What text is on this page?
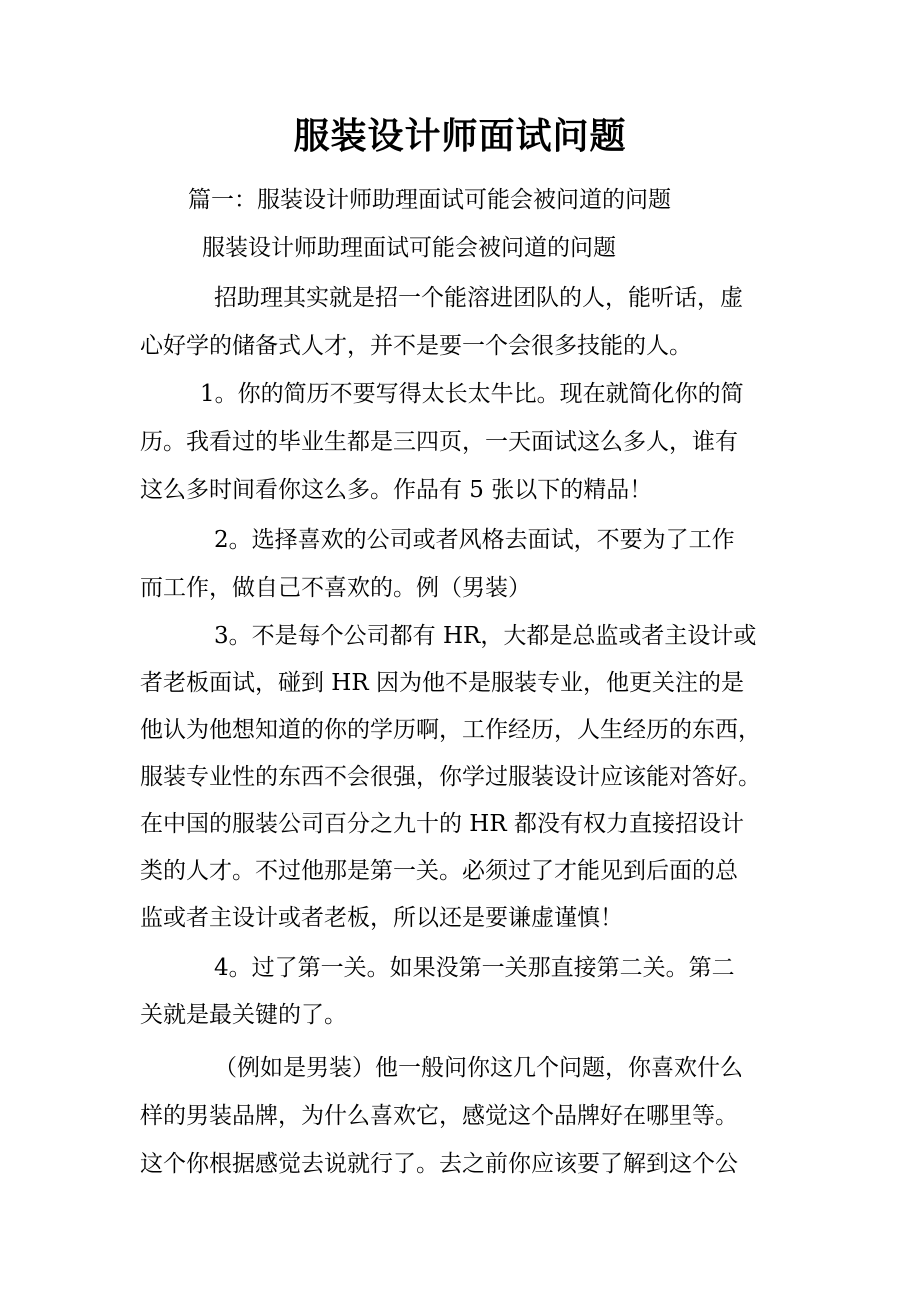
服装设计师面试问题

篇一：服装设计师助理面试可能会被问道的问题

服装设计师助理面试可能会被问道的问题

招助理其实就是招一个能溶进团队的人，能听话，虚

心好学的储备式人才，并不是要一个会很多技能的人。

1。你的简历不要写得太长太牛比。现在就简化你的简

历。我看过的毕业生都是三四页，一天面试这么多人，谁有

这么多时间看你这么多。作品有 5 张以下的精品！

2。选择喜欢的公司或者风格去面试，不要为了工作

而工作，做自己不喜欢的。例（男装）

3。不是每个公司都有 HR，大都是总监或者主设计或

者老板面试，碰到 HR 因为他不是服装专业，他更关注的是

他认为他想知道的你的学历啊，工作经历，人生经历的东西，

服装专业性的东西不会很强，你学过服装设计应该能对答好。

在中国的服装公司百分之九十的 HR 都没有权力直接招设计

类的人才。不过他那是第一关。必须过了才能见到后面的总

监或者主设计或者老板，所以还是要谦虚谨慎！

4。过了第一关。如果没第一关那直接第二关。第二

关就是最关键的了。

（例如是男装）他一般问你这几个问题，你喜欢什么

样的男装品牌，为什么喜欢它，感觉这个品牌好在哪里等。

这个你根据感觉去说就行了。去之前你应该要了解到这个公
